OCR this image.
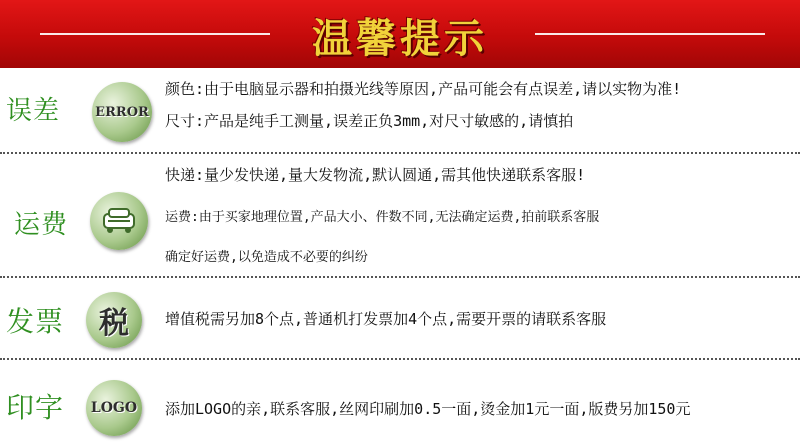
温馨提示
误差	ERROR
颜色:由于电脑显示器和拍摄光线等原因,产品可能会有点误差,请以实物为准!
尺寸:产品是纯手工测量,误差正负3mm,对尺寸敏感的,请慎拍
运费
快递:量少发快递,量大发物流,默认圆通,需其他快递联系客服!
运费:由于买家地理位置,产品大小、件数不同,无法确定运费,拍前联系客服
确定好运费,以免造成不必要的纠纷
发票	税	增值税需另加8个点,普通机打发票加4个点,需要开票的请联系客服
印字	LOGO	添加LOGO的亲,联系客服,丝网印刷加0.5一面,烫金加1元一面,版费另加150元
